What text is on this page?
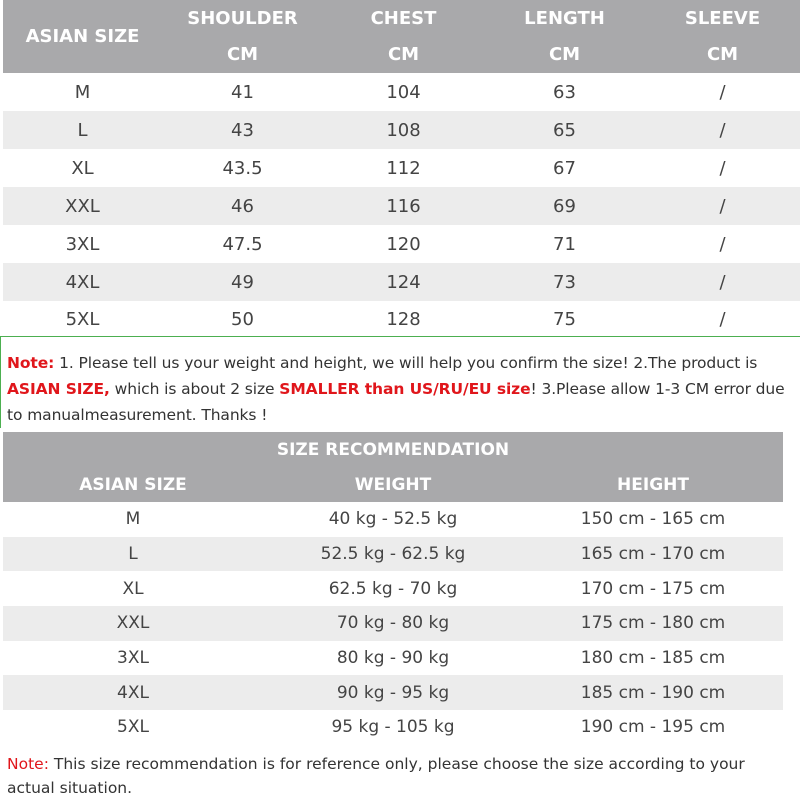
ASIAN SIZE	SHOULDER	CHEST	LENGTH	SLEEVE
	CM	CM	CM	CM
M	41	104	63	/
L	43	108	65	/
XL	43.5	112	67	/
XXL	46	116	69	/
3XL	47.5	120	71	/
4XL	49	124	73	/
5XL	50	128	75	/
Note: 1. Please tell us your weight and height, we will help you confirm the size! 2.The product is ASIAN SIZE, which is about 2 size SMALLER than US/RU/EU size! 3.Please allow 1-3 CM error due to manualmeasurement. Thanks !
SIZE RECOMMENDATION		
ASIAN SIZE	WEIGHT	HEIGHT
M	40 kg - 52.5 kg	150 cm - 165 cm
L	52.5 kg - 62.5 kg	165 cm - 170 cm
XL	62.5 kg - 70 kg	170 cm - 175 cm
XXL	70 kg - 80 kg	175 cm - 180 cm
3XL	80 kg - 90 kg	180 cm - 185 cm
4XL	90 kg - 95 kg	185 cm - 190 cm
5XL	95 kg - 105 kg	190 cm - 195 cm
Note: This size recommendation is for reference only, please choose the size according to your actual situation.
